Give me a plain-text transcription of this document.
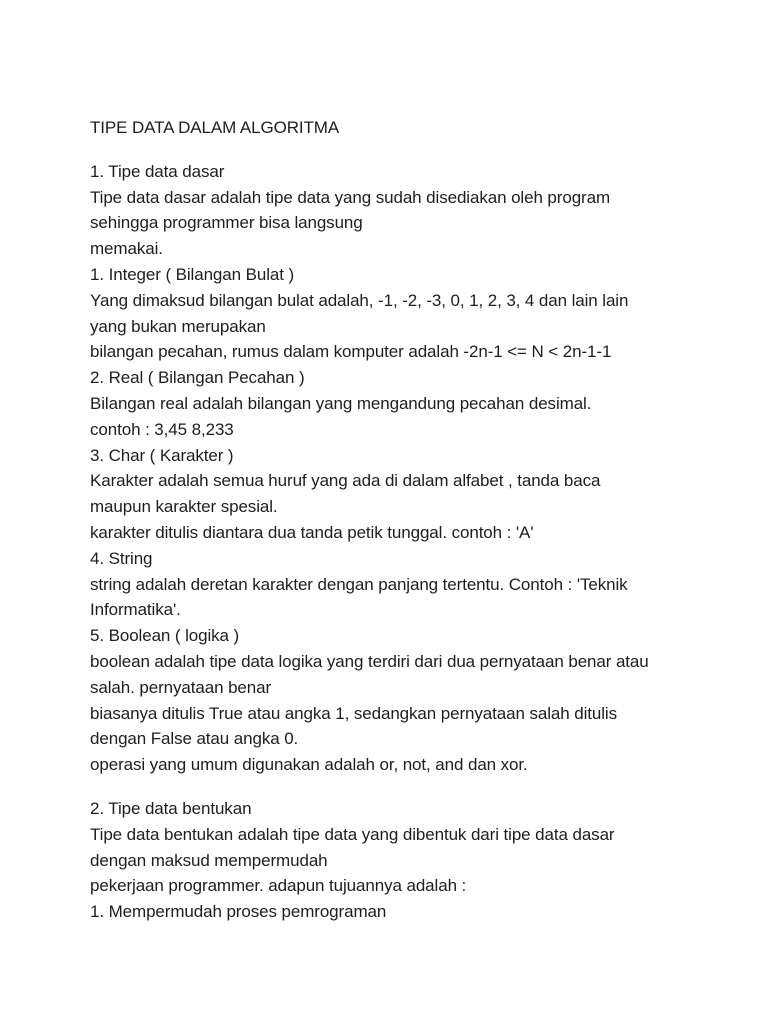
TIPE DATA DALAM ALGORITMA
1. Tipe data dasar
Tipe data dasar adalah tipe data yang sudah disediakan oleh program
sehingga programmer bisa langsung
memakai.
1. Integer ( Bilangan Bulat )
Yang dimaksud bilangan bulat adalah, -1, -2, -3, 0, 1, 2, 3, 4 dan lain lain
yang bukan merupakan
bilangan pecahan, rumus dalam komputer adalah -2n-1 <= N < 2n-1-1
2. Real ( Bilangan Pecahan )
Bilangan real adalah bilangan yang mengandung pecahan desimal.
contoh : 3,45 8,233
3. Char ( Karakter )
Karakter adalah semua huruf yang ada di dalam alfabet , tanda baca
maupun karakter spesial.
karakter ditulis diantara dua tanda petik tunggal. contoh : 'A'
4. String
string adalah deretan karakter dengan panjang tertentu. Contoh : 'Teknik
Informatika'.
5. Boolean ( logika )
boolean adalah tipe data logika yang terdiri dari dua pernyataan benar atau
salah. pernyataan benar
biasanya ditulis True atau angka 1, sedangkan pernyataan salah ditulis
dengan False atau angka 0.
operasi yang umum digunakan adalah or, not, and dan xor.
2. Tipe data bentukan
Tipe data bentukan adalah tipe data yang dibentuk dari tipe data dasar
dengan maksud mempermudah
pekerjaan programmer. adapun tujuannya adalah :
1. Mempermudah proses pemrograman
